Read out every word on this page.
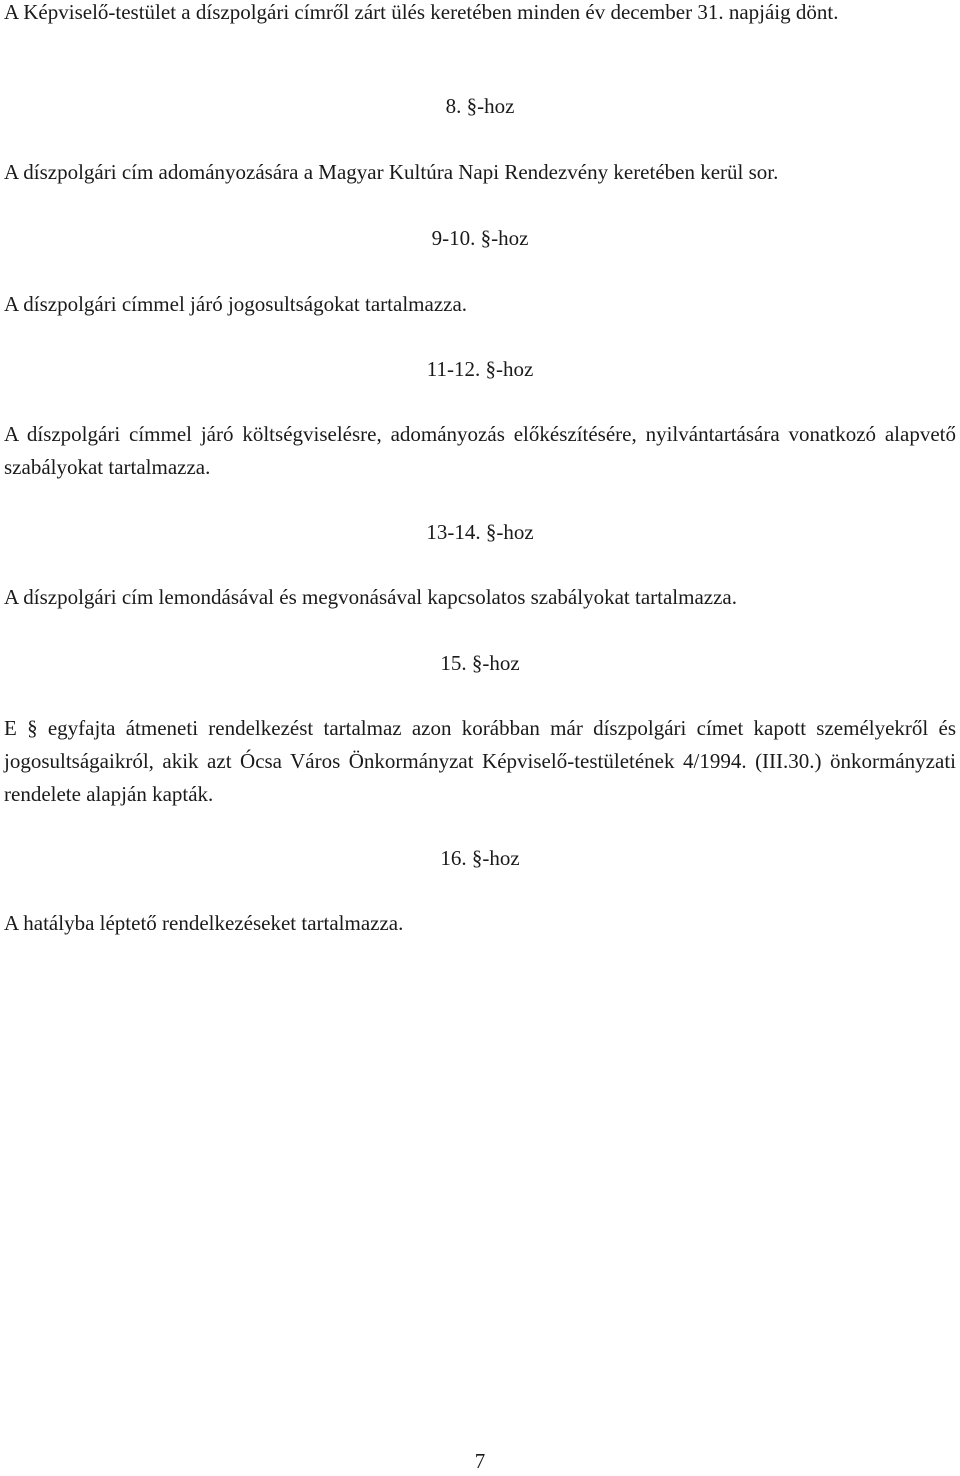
A Képviselő-testület a díszpolgári címről zárt ülés keretében minden év december 31. napjáig dönt.

8. §-hoz

A díszpolgári cím adományozására a Magyar Kultúra Napi Rendezvény keretében kerül sor.

9-10. §-hoz

A díszpolgári címmel járó jogosultságokat tartalmazza.

11-12. §-hoz

A díszpolgári címmel járó költségviselésre, adományozás előkészítésére, nyilvántartására vonatkozó alapvető szabályokat tartalmazza.

13-14. §-hoz

A díszpolgári cím lemondásával és megvonásával kapcsolatos szabályokat tartalmazza.

15. §-hoz

E § egyfajta átmeneti rendelkezést tartalmaz azon korábban már díszpolgári címet kapott személyekről és jogosultságaikról, akik azt Ócsa Város Önkormányzat Képviselő-testületének 4/1994. (III.30.) önkormányzati rendelete alapján kapták.

16. §-hoz

A hatályba léptető rendelkezéseket tartalmazza.

7
